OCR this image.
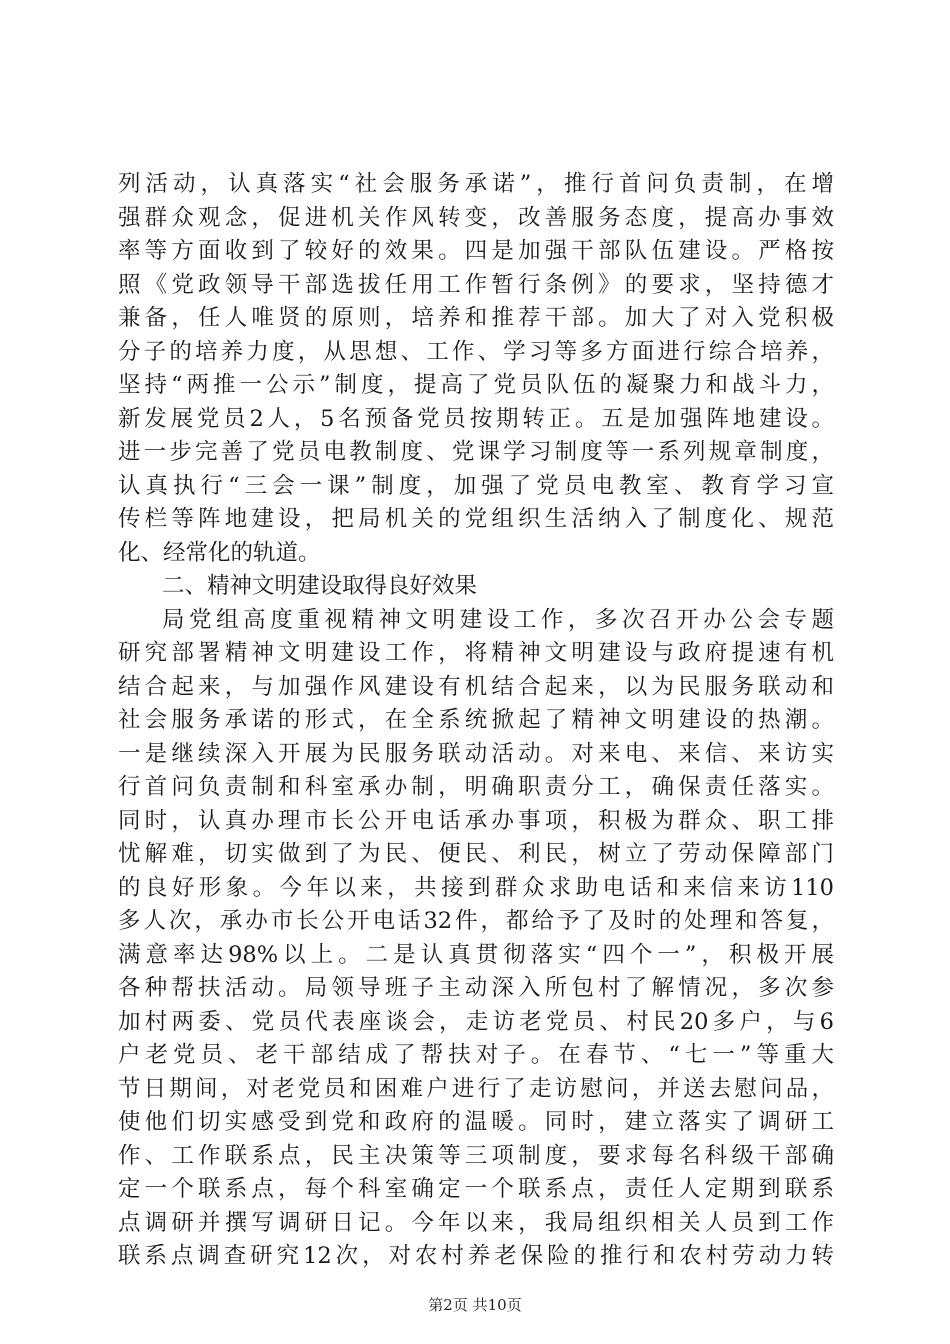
列活动，认真落实“社会服务承诺”，推行首问负责制，在增
强群众观念，促进机关作风转变，改善服务态度，提高办事效
率等方面收到了较好的效果。四是加强干部队伍建设。严格按
照《党政领导干部选拔任用工作暂行条例》的要求，坚持德才
兼备，任人唯贤的原则，培养和推荐干部。加大了对入党积极
分子的培养力度，从思想、工作、学习等多方面进行综合培养，
坚持“两推一公示”制度，提高了党员队伍的凝聚力和战斗力，
新发展党员2人，5名预备党员按期转正。五是加强阵地建设。
进一步完善了党员电教制度、党课学习制度等一系列规章制度，
认真执行“三会一课”制度，加强了党员电教室、教育学习宣
传栏等阵地建设，把局机关的党组织生活纳入了制度化、规范
化、经常化的轨道。
二、精神文明建设取得良好效果
局党组高度重视精神文明建设工作，多次召开办公会专题
研究部署精神文明建设工作，将精神文明建设与政府提速有机
结合起来，与加强作风建设有机结合起来，以为民服务联动和
社会服务承诺的形式，在全系统掀起了精神文明建设的热潮。
一是继续深入开展为民服务联动活动。对来电、来信、来访实
行首问负责制和科室承办制，明确职责分工，确保责任落实。
同时，认真办理市长公开电话承办事项，积极为群众、职工排
忧解难，切实做到了为民、便民、利民，树立了劳动保障部门
的良好形象。今年以来，共接到群众求助电话和来信来访110
多人次，承办市长公开电话32件，都给予了及时的处理和答复，
满意率达98%以上。二是认真贯彻落实“四个一”，积极开展
各种帮扶活动。局领导班子主动深入所包村了解情况，多次参
加村两委、党员代表座谈会，走访老党员、村民20多户，与6
户老党员、老干部结成了帮扶对子。在春节、“七一”等重大
节日期间，对老党员和困难户进行了走访慰问，并送去慰问品，
使他们切实感受到党和政府的温暖。同时，建立落实了调研工
作、工作联系点，民主决策等三项制度，要求每名科级干部确
定一个联系点，每个科室确定一个联系点，责任人定期到联系
点调研并撰写调研日记。今年以来，我局组织相关人员到工作
联系点调查研究12次，对农村养老保险的推行和农村劳动力转
第2页 共10页
